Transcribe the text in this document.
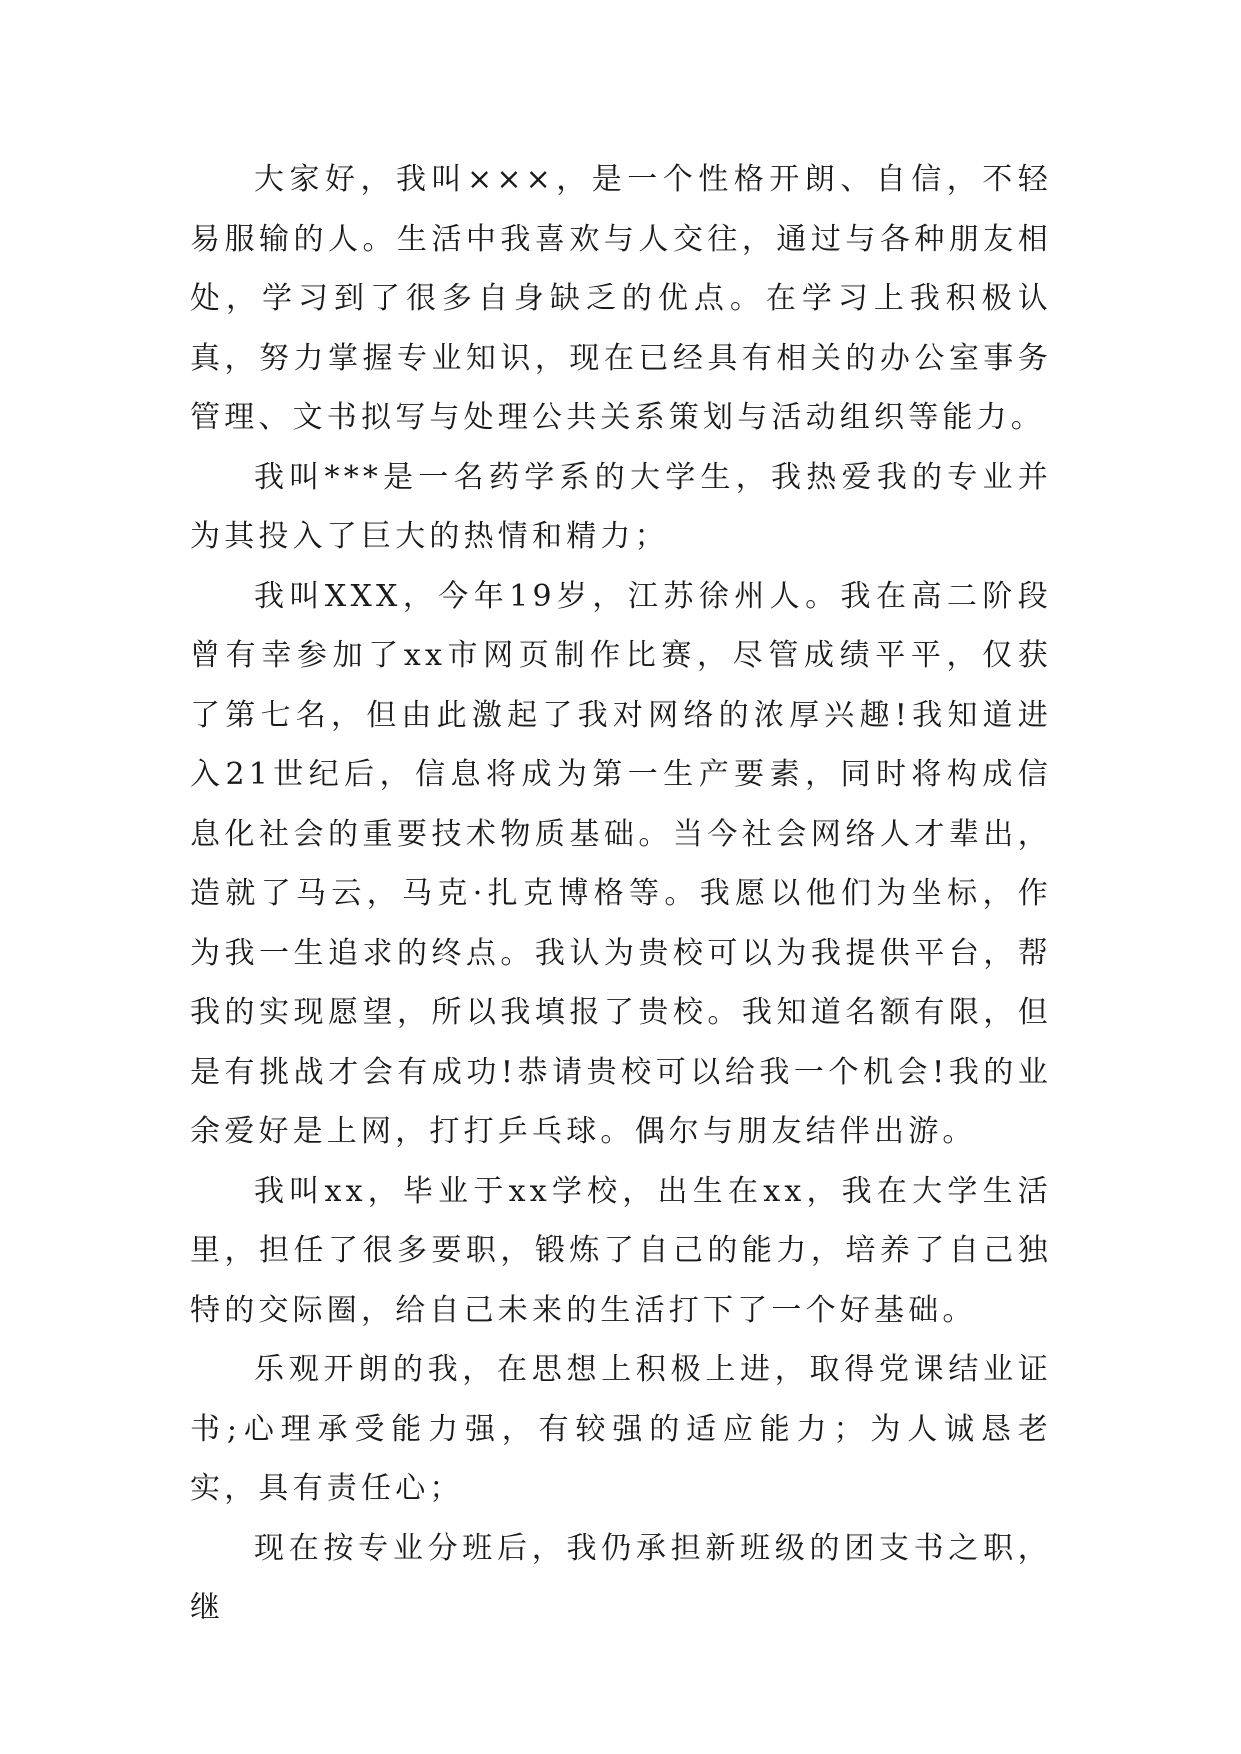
大家好，我叫×××，是一个性格开朗、自信，不轻易服输的人。生活中我喜欢与人交往，通过与各种朋友相处，学习到了很多自身缺乏的优点。在学习上我积极认真，努力掌握专业知识，现在已经具有相关的办公室事务管理、文书拟写与处理公共关系策划与活动组织等能力。

我叫***是一名药学系的大学生，我热爱我的专业并为其投入了巨大的热情和精力；

我叫XXX，今年19岁，江苏徐州人。我在高二阶段曾有幸参加了xx市网页制作比赛，尽管成绩平平，仅获了第七名，但由此激起了我对网络的浓厚兴趣!我知道进入21世纪后，信息将成为第一生产要素，同时将构成信息化社会的重要技术物质基础。当今社会网络人才辈出，造就了马云，马克·扎克博格等。我愿以他们为坐标，作为我一生追求的终点。我认为贵校可以为我提供平台，帮我的实现愿望，所以我填报了贵校。我知道名额有限，但是有挑战才会有成功!恭请贵校可以给我一个机会!我的业余爱好是上网，打打乒乓球。偶尔与朋友结伴出游。

我叫xx，毕业于xx学校，出生在xx，我在大学生活里，担任了很多要职，锻炼了自己的能力，培养了自己独特的交际圈，给自己未来的生活打下了一个好基础。

乐观开朗的我，在思想上积极上进，取得党课结业证书;心理承受能力强，有较强的适应能力；为人诚恳老实，具有责任心；

现在按专业分班后，我仍承担新班级的团支书之职，继
